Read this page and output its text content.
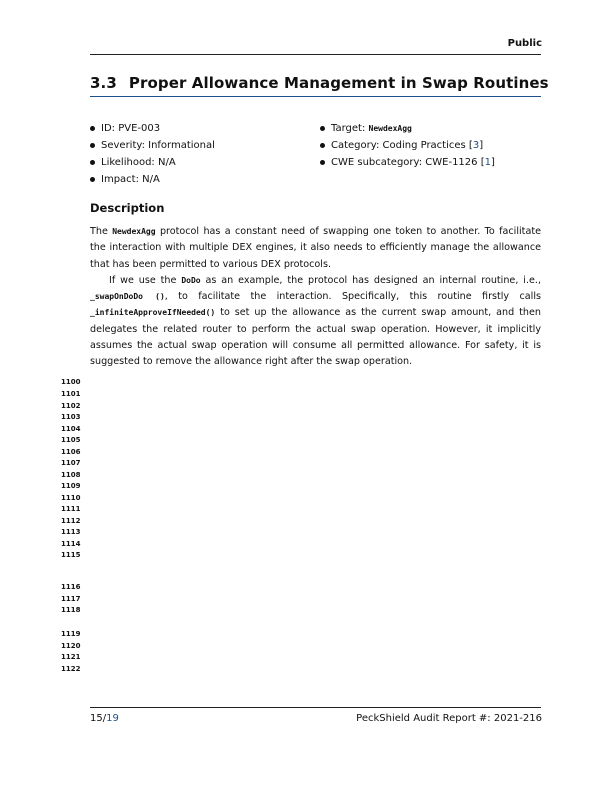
Public
3.3 Proper Allowance Management in Swap Routines
ID: PVE-003
Severity: Informational
Likelihood: N/A
Impact: N/A
Target: NewdexAgg
Category: Coding Practices [3]
CWE subcategory: CWE-1126 [1]
Description

The NewdexAgg protocol has a constant need of swapping one token to another. To facilitate the interaction with multiple DEX engines, it also needs to efficiently manage the allowance that has been permitted to various DEX protocols.

If we use the DoDo as an example, the protocol has designed an internal routine, i.e., _swapOnDoDo (), to facilitate the interaction. Specifically, this routine firstly calls _infiniteApproveIfNeeded() to set up the allowance as the current swap amount, and then delegates the related router to perform the actual swap operation. However, it implicitly assumes the actual swap operation will consume all permitted allowance. For safety, it is suggested to remove the allowance right after the swap operation.

1100
1101
1102
1103
1104
1105
1106
1107
1108
1109
1110
1111
1112
1113
1114
1115
1116
1117
1118
1119
1120
1121
1122
15/19	PeckShield Audit Report #: 2021-216
